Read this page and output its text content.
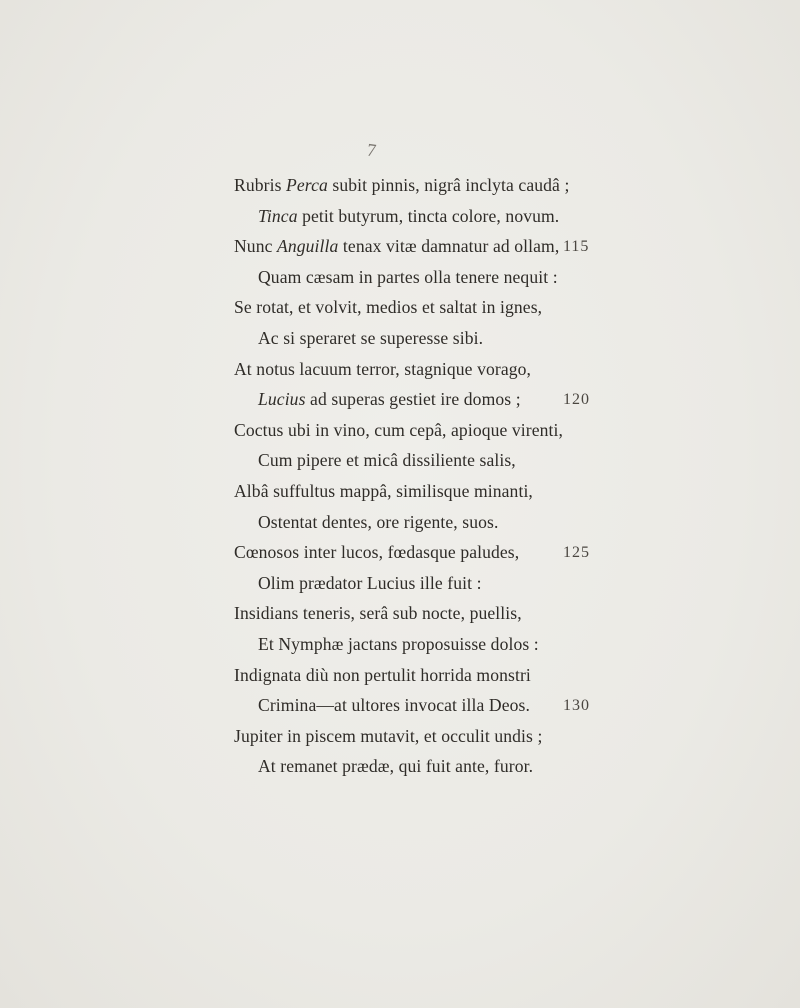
7
Rubris Perca subit pinnis, nigrâ inclyta caudâ ;
Tinca petit butyrum, tincta colore, novum.
Nunc Anguilla tenax vitæ damnatur ad ollam, 115
Quam cæsam in partes olla tenere nequit :
Se rotat, et volvit, medios et saltat in ignes,
Ac si speraret se superesse sibi.
At notus lacuum terror, stagnique vorago,
Lucius ad superas gestiet ire domos ;	120
Coctus ubi in vino, cum cepâ, apioque virenti,
Cum pipere et micâ dissiliente salis,
Albâ suffultus mappâ, similisque minanti,
Ostentat dentes, ore rigente, suos.
Cœnosos inter lucos, fœdasque paludes,	125
Olim prædator Lucius ille fuit :
Insidians teneris, serâ sub nocte, puellis,
Et Nymphæ jactans proposuisse dolos :
Indignata diù non pertulit horrida monstri
Crimina—at ultores invocat illa Deos. 130
Jupiter in piscem mutavit, et occulit undis ;
At remanet prædæ, qui fuit ante, furor.
